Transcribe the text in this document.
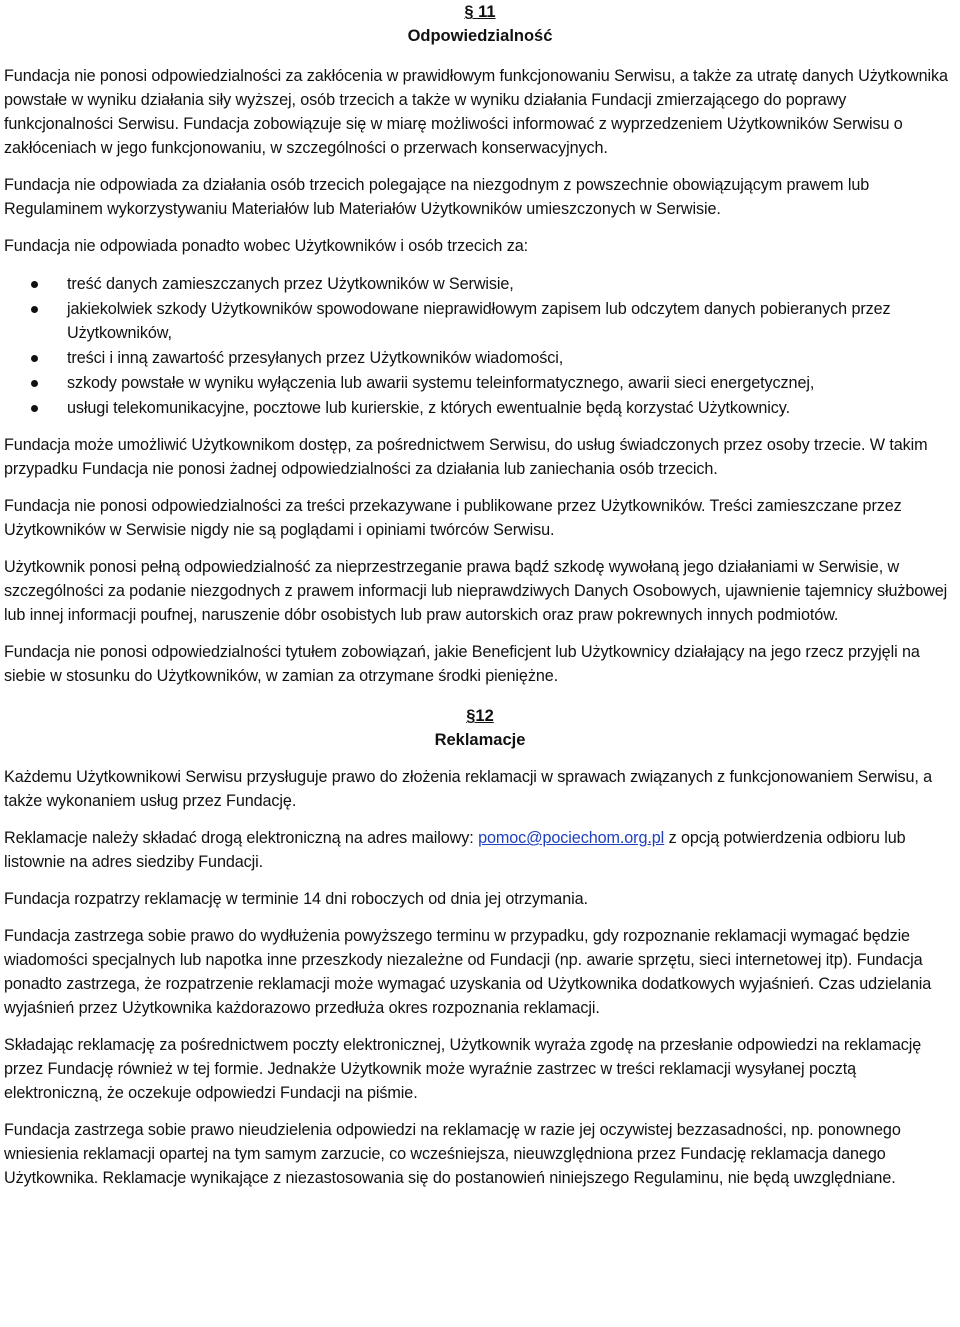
§ 11
Odpowiedzialność

Fundacja nie ponosi odpowiedzialności za zakłócenia w prawidłowym funkcjonowaniu Serwisu, a także za utratę danych Użytkownika powstałe w wyniku działania siły wyższej, osób trzecich a także w wyniku działania Fundacji zmierzającego do poprawy funkcjonalności Serwisu. Fundacja zobowiązuje się w miarę możliwości informować z wyprzedzeniem Użytkowników Serwisu o zakłóceniach w jego funkcjonowaniu, w szczególności o przerwach konserwacyjnych.

Fundacja nie odpowiada za działania osób trzecich polegające na niezgodnym z powszechnie obowiązującym prawem lub Regulaminem wykorzystywaniu Materiałów lub Materiałów Użytkowników umieszczonych w Serwisie.

Fundacja nie odpowiada ponadto wobec Użytkowników i osób trzecich za:

treść danych zamieszczanych przez Użytkowników w Serwisie,
jakiekolwiek szkody Użytkowników spowodowane nieprawidłowym zapisem lub odczytem danych pobieranych przez Użytkowników,
treści i inną zawartość przesyłanych przez Użytkowników wiadomości,
szkody powstałe w wyniku wyłączenia lub awarii systemu teleinformatycznego, awarii sieci energetycznej,
usługi telekomunikacyjne, pocztowe lub kurierskie, z których ewentualnie będą korzystać Użytkownicy.

Fundacja może umożliwić Użytkownikom dostęp, za pośrednictwem Serwisu, do usług świadczonych przez osoby trzecie. W takim przypadku Fundacja nie ponosi żadnej odpowiedzialności za działania lub zaniechania osób trzecich.

Fundacja nie ponosi odpowiedzialności za treści przekazywane i publikowane przez Użytkowników. Treści zamieszczane przez Użytkowników w Serwisie nigdy nie są poglądami i opiniami twórców Serwisu.

Użytkownik ponosi pełną odpowiedzialność za nieprzestrzeganie prawa bądź szkodę wywołaną jego działaniami w Serwisie, w szczególności za podanie niezgodnych z prawem informacji lub nieprawdziwych Danych Osobowych, ujawnienie tajemnicy służbowej lub innej informacji poufnej, naruszenie dóbr osobistych lub praw autorskich oraz praw pokrewnych innych podmiotów.

Fundacja nie ponosi odpowiedzialności tytułem zobowiązań, jakie Beneficjent lub Użytkownicy działający na jego rzecz przyjęli na siebie w stosunku do Użytkowników, w zamian za otrzymane środki pieniężne.

§12
Reklamacje

Każdemu Użytkownikowi Serwisu przysługuje prawo do złożenia reklamacji w sprawach związanych z funkcjonowaniem Serwisu, a także wykonaniem usług przez Fundację.

Reklamacje należy składać drogą elektroniczną na adres mailowy: pomoc@pociechom.org.pl z opcją potwierdzenia odbioru lub listownie na adres siedziby Fundacji.

Fundacja rozpatrzy reklamację w terminie 14 dni roboczych od dnia jej otrzymania.

Fundacja zastrzega sobie prawo do wydłużenia powyższego terminu w przypadku, gdy rozpoznanie reklamacji wymagać będzie wiadomości specjalnych lub napotka inne przeszkody niezależne od Fundacji (np. awarie sprzętu, sieci internetowej itp). Fundacja ponadto zastrzega, że rozpatrzenie reklamacji może wymagać uzyskania od Użytkownika dodatkowych wyjaśnień. Czas udzielania wyjaśnień przez Użytkownika każdorazowo przedłuża okres rozpoznania reklamacji.

Składając reklamację za pośrednictwem poczty elektronicznej, Użytkownik wyraża zgodę na przesłanie odpowiedzi na reklamację przez Fundację również w tej formie. Jednakże Użytkownik może wyraźnie zastrzec w treści reklamacji wysyłanej pocztą elektroniczną, że oczekuje odpowiedzi Fundacji na piśmie.

Fundacja zastrzega sobie prawo nieudzielenia odpowiedzi na reklamację w razie jej oczywistej bezzasadności, np. ponownego wniesienia reklamacji opartej na tym samym zarzucie, co wcześniejsza, nieuwzględniona przez Fundację reklamacja danego Użytkownika. Reklamacje wynikające z niezastosowania się do postanowień niniejszego Regulaminu, nie będą uwzględniane.
